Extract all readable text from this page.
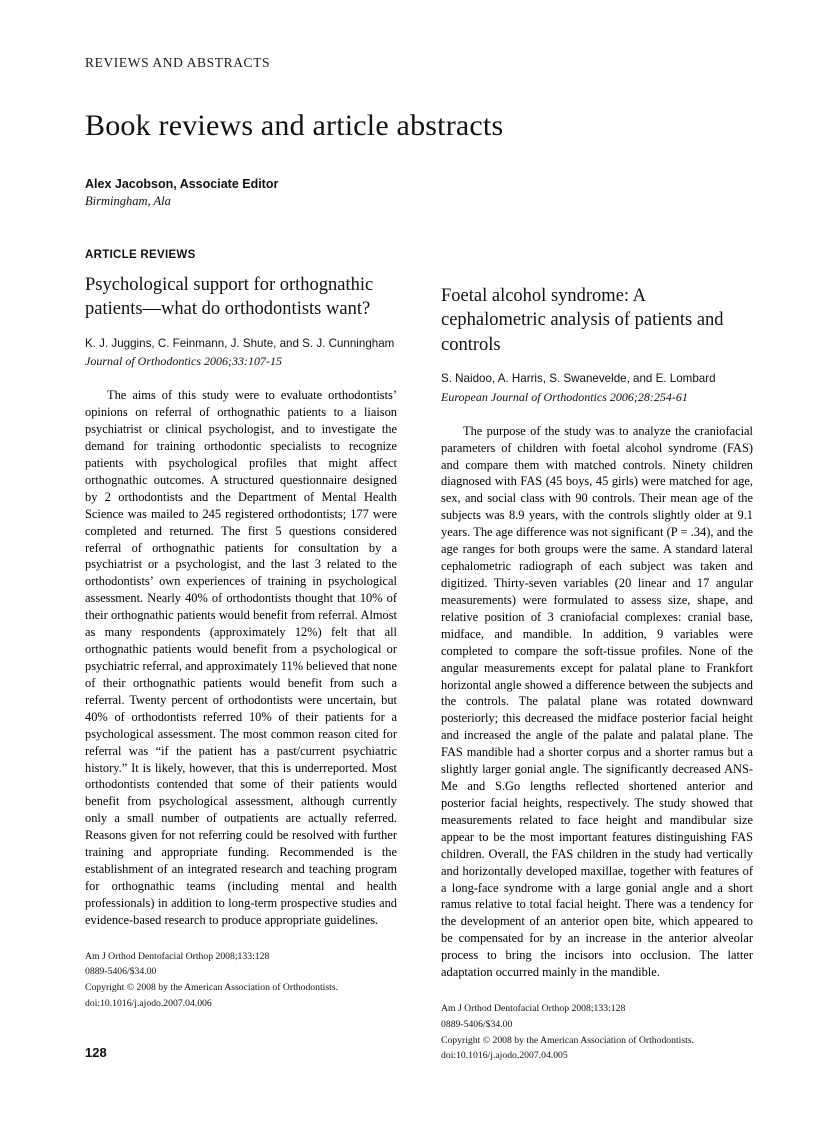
REVIEWS AND ABSTRACTS
Book reviews and article abstracts
Alex Jacobson, Associate Editor
Birmingham, Ala
ARTICLE REVIEWS
Psychological support for orthognathic patients—what do orthodontists want?
K. J. Juggins, C. Feinmann, J. Shute, and S. J. Cunningham
Journal of Orthodontics 2006;33:107-15

The aims of this study were to evaluate orthodontists’ opinions on referral of orthognathic patients to a liaison psychiatrist or clinical psychologist, and to investigate the demand for training orthodontic specialists to recognize patients with psychological profiles that might affect orthognathic outcomes. A structured questionnaire designed by 2 orthodontists and the Department of Mental Health Science was mailed to 245 registered orthodontists; 177 were completed and returned. The first 5 questions considered referral of orthognathic patients for consultation by a psychiatrist or a psychologist, and the last 3 related to the orthodontists’ own experiences of training in psychological assessment. Nearly 40% of orthodontists thought that 10% of their orthognathic patients would benefit from referral. Almost as many respondents (approximately 12%) felt that all orthognathic patients would benefit from a psychological or psychiatric referral, and approximately 11% believed that none of their orthognathic patients would benefit from such a referral. Twenty percent of orthodontists were uncertain, but 40% of orthodontists referred 10% of their patients for a psychological assessment. The most common reason cited for referral was “if the patient has a past/current psychiatric history.” It is likely, however, that this is underreported. Most orthodontists contended that some of their patients would benefit from psychological assessment, although currently only a small number of outpatients are actually referred. Reasons given for not referring could be resolved with further training and appropriate funding. Recommended is the establishment of an integrated research and teaching program for orthognathic teams (including mental and health professionals) in addition to long-term prospective studies and evidence-based research to produce appropriate guidelines.

Am J Orthod Dentofacial Orthop 2008;133:128
0889-5406/$34.00
Copyright © 2008 by the American Association of Orthodontists.
doi:10.1016/j.ajodo.2007.04.006
Foetal alcohol syndrome: A cephalometric analysis of patients and controls
S. Naidoo, A. Harris, S. Swanevelde, and E. Lombard
European Journal of Orthodontics 2006;28:254-61

The purpose of the study was to analyze the craniofacial parameters of children with foetal alcohol syndrome (FAS) and compare them with matched controls. Ninety children diagnosed with FAS (45 boys, 45 girls) were matched for age, sex, and social class with 90 controls. Their mean age of the subjects was 8.9 years, with the controls slightly older at 9.1 years. The age difference was not significant (P = .34), and the age ranges for both groups were the same. A standard lateral cephalometric radiograph of each subject was taken and digitized. Thirty-seven variables (20 linear and 17 angular measurements) were formulated to assess size, shape, and relative position of 3 craniofacial complexes: cranial base, midface, and mandible. In addition, 9 variables were completed to compare the soft-tissue profiles. None of the angular measurements except for palatal plane to Frankfort horizontal angle showed a difference between the subjects and the controls. The palatal plane was rotated downward posteriorly; this decreased the midface posterior facial height and increased the angle of the palate and palatal plane. The FAS mandible had a shorter corpus and a shorter ramus but a slightly larger gonial angle. The significantly decreased ANS-Me and S.Go lengths reflected shortened anterior and posterior facial heights, respectively. The study showed that measurements related to face height and mandibular size appear to be the most important features distinguishing FAS children. Overall, the FAS children in the study had vertically and horizontally developed maxillae, together with features of a long-face syndrome with a large gonial angle and a short ramus relative to total facial height. There was a tendency for the development of an anterior open bite, which appeared to be compensated for by an increase in the anterior alveolar process to bring the incisors into occlusion. The latter adaptation occurred mainly in the mandible.

Am J Orthod Dentofacial Orthop 2008;133:128
0889-5406/$34.00
Copyright © 2008 by the American Association of Orthodontists.
doi:10.1016/j.ajodo.2007.04.005
128
